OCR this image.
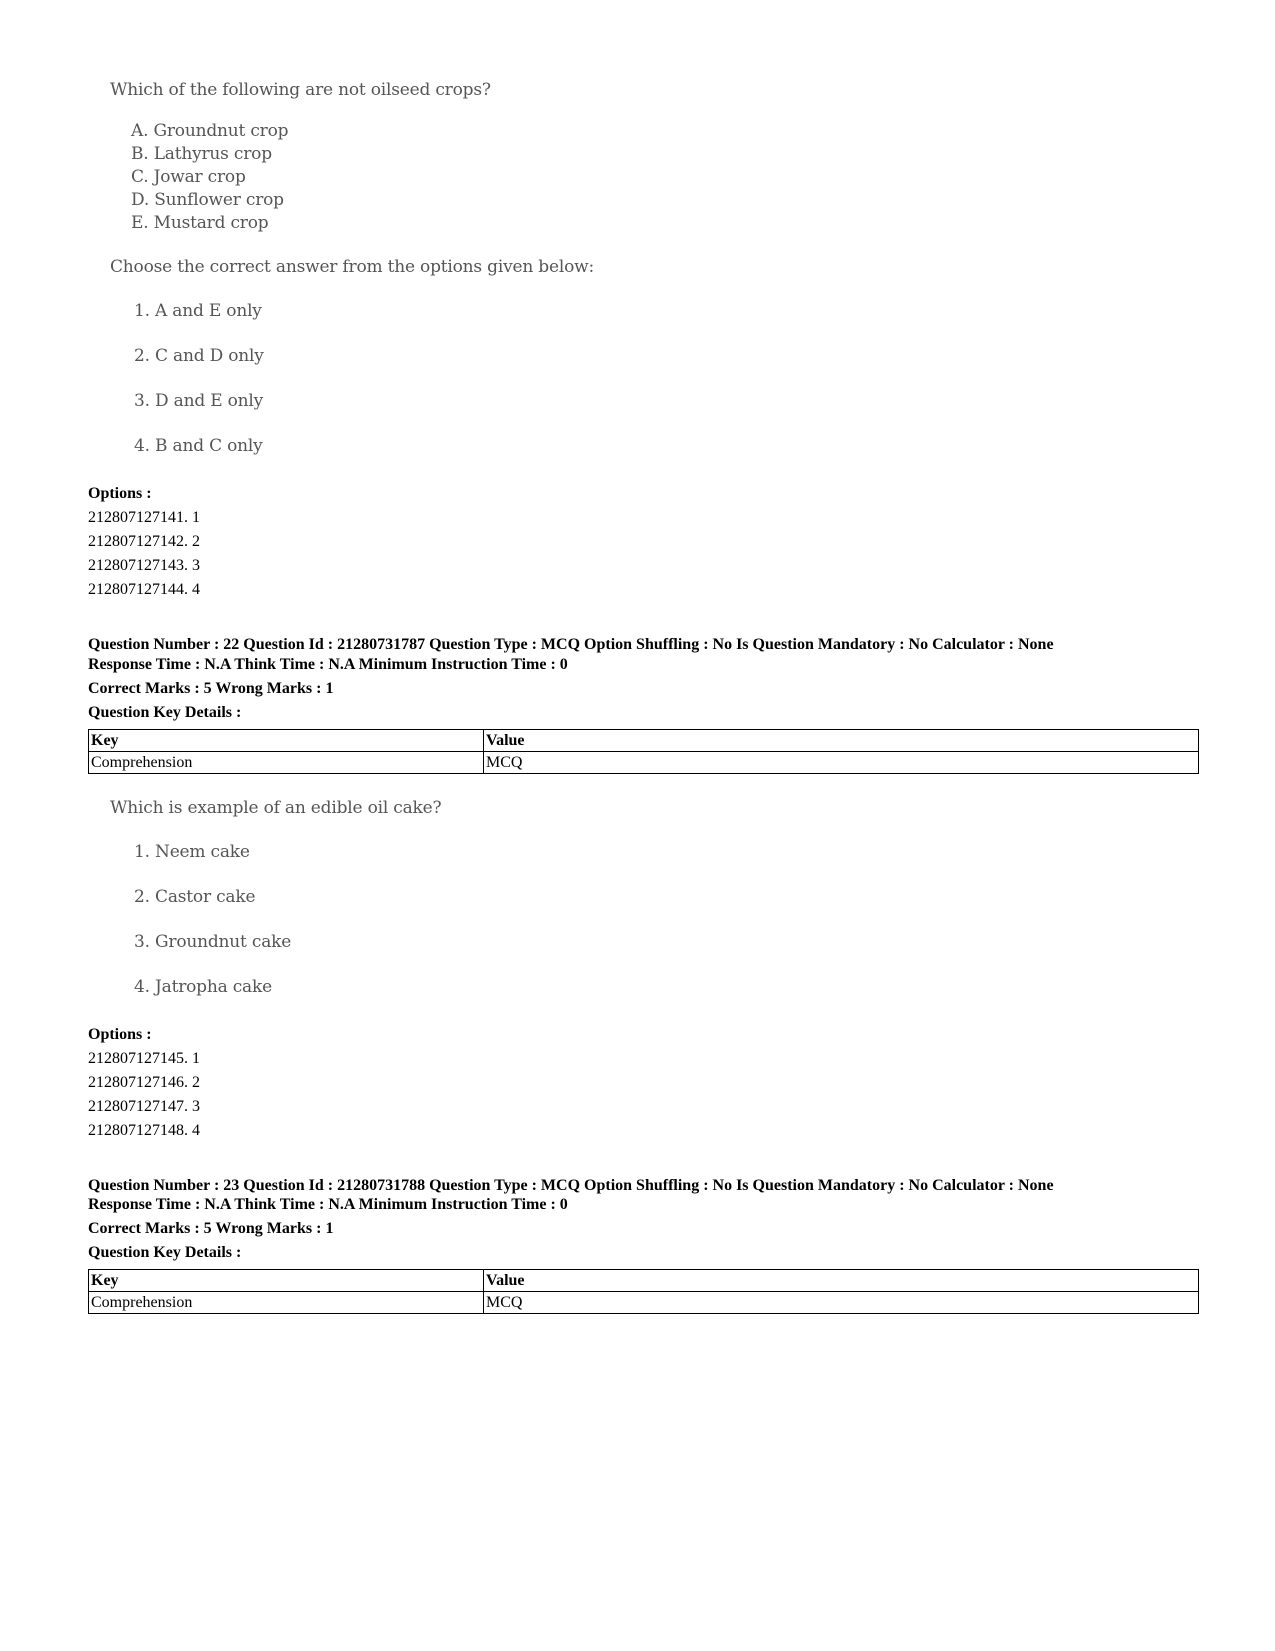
Which of the following are not oilseed crops?
A. Groundnut crop
B. Lathyrus crop
C. Jowar crop
D. Sunflower crop
E. Mustard crop
Choose the correct answer from the options given below:
1. A and E only
2. C and D only
3. D and E only
4. B and C only
Options :
212807127141. 1
212807127142. 2
212807127143. 3
212807127144. 4
Question Number : 22 Question Id : 21280731787 Question Type : MCQ Option Shuffling : No Is Question Mandatory : No Calculator : None
Response Time : N.A Think Time : N.A Minimum Instruction Time : 0
Correct Marks : 5 Wrong Marks : 1
Question Key Details :
Key	Value
Comprehension	MCQ
Which is example of an edible oil cake?
1. Neem cake
2. Castor cake
3. Groundnut cake
4. Jatropha cake
Options :
212807127145. 1
212807127146. 2
212807127147. 3
212807127148. 4
Question Number : 23 Question Id : 21280731788 Question Type : MCQ Option Shuffling : No Is Question Mandatory : No Calculator : None
Response Time : N.A Think Time : N.A Minimum Instruction Time : 0
Correct Marks : 5 Wrong Marks : 1
Question Key Details :
Key	Value
Comprehension	MCQ
